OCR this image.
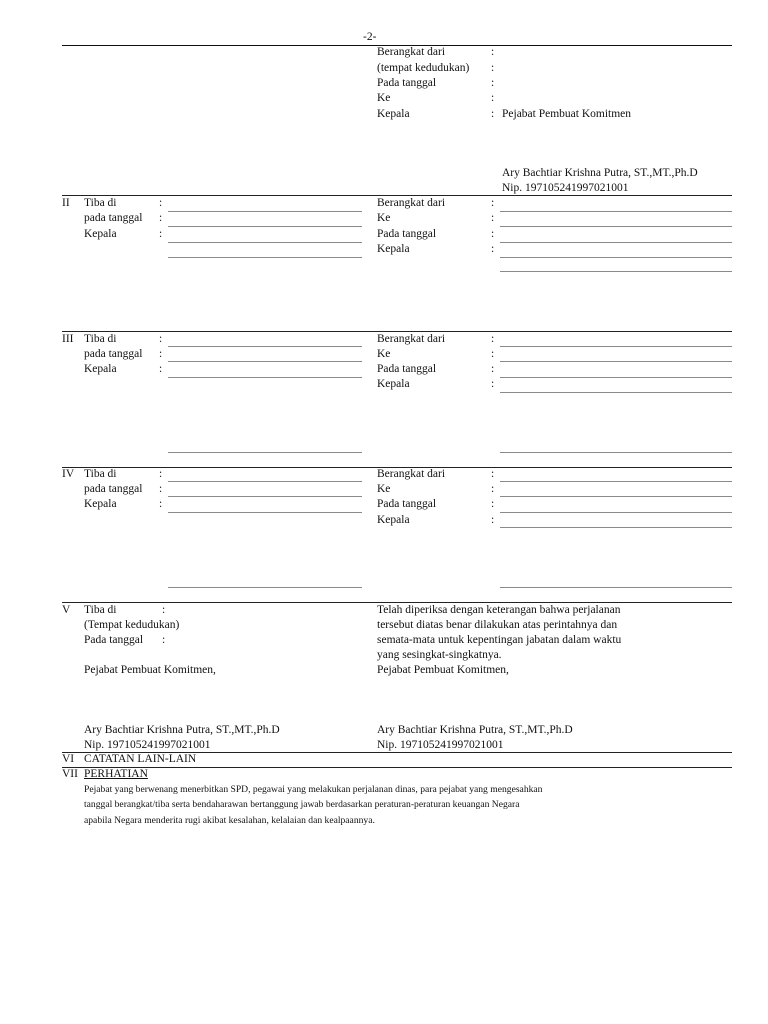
-2-
Berangkat dari	:
(tempat kedudukan) :
Pada tanggal	:
Ke	:
Kepala	: Pejabat Pembuat Komitmen
Ary Bachtiar Krishna Putra, ST.,MT.,Ph.D
Nip. 197105241997021001
II Tiba di	:
pada tanggal :
Kepala	:
Berangkat dari	:
Ke	:
Pada tanggal	:
Kepala	:
III Tiba di	:
pada tanggal :
Kepala	:
Berangkat dari	:
Ke	:
Pada tanggal	:
Kepala	:
IV Tiba di	:
pada tanggal :
Kepala	:
Berangkat dari	:
Ke	:
Pada tanggal	:
Kepala	:
V Tiba di	:
(Tempat kedudukan)
Pada tanggal :
Pejabat Pembuat Komitmen,
Ary Bachtiar Krishna Putra, ST.,MT.,Ph.D
Nip. 197105241997021001
Telah diperiksa dengan keterangan bahwa perjalanan
tersebut diatas benar dilakukan atas perintahnya dan
semata-mata untuk kepentingan jabatan dalam waktu
yang sesingkat-singkatnya.
Pejabat Pembuat Komitmen,
Ary Bachtiar Krishna Putra, ST.,MT.,Ph.D
Nip. 197105241997021001
VI CATATAN LAIN-LAIN
VII PERHATIAN
Pejabat yang berwenang menerbitkan SPD, pegawai yang melakukan perjalanan dinas, para pejabat yang mengesahkan
tanggal berangkat/tiba serta bendaharawan bertanggung jawab berdasarkan peraturan-peraturan keuangan Negara
apabila Negara menderita rugi akibat kesalahan, kelalaian dan kealpaannya.
